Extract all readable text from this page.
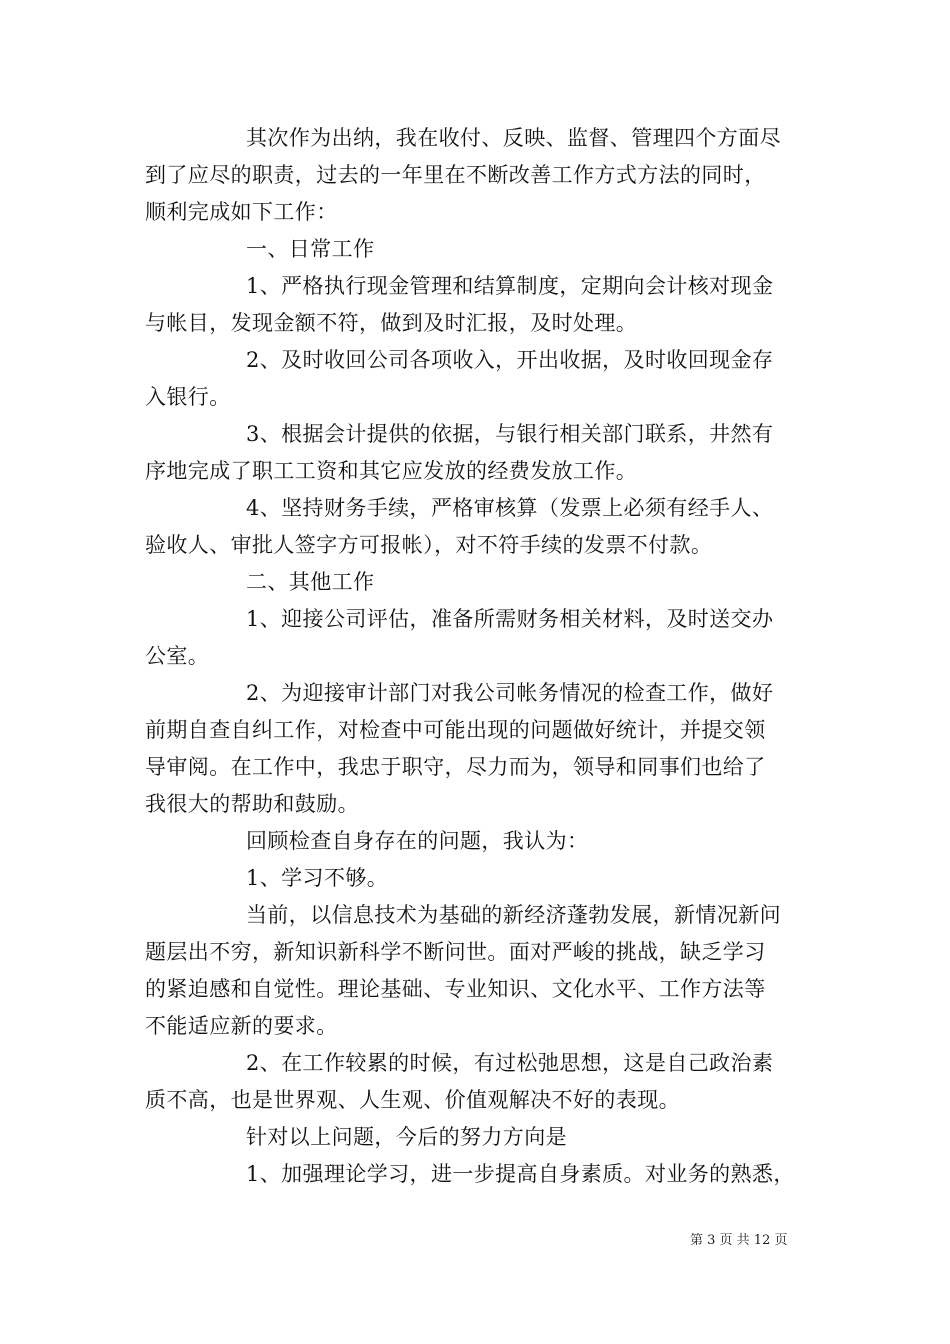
其次作为出纳，我在收付、反映、监督、管理四个方面尽
到了应尽的职责，过去的一年里在不断改善工作方式方法的同时，
顺利完成如下工作：
一、日常工作
1、严格执行现金管理和结算制度，定期向会计核对现金
与帐目，发现金额不符，做到及时汇报，及时处理。
2、及时收回公司各项收入，开出收据，及时收回现金存
入银行。
3、根据会计提供的依据，与银行相关部门联系，井然有
序地完成了职工工资和其它应发放的经费发放工作。
4、坚持财务手续，严格审核算（发票上必须有经手人、
验收人、审批人签字方可报帐），对不符手续的发票不付款。
二、其他工作
1、迎接公司评估，准备所需财务相关材料，及时送交办
公室。
2、为迎接审计部门对我公司帐务情况的检查工作，做好
前期自查自纠工作，对检查中可能出现的问题做好统计，并提交领
导审阅。在工作中，我忠于职守，尽力而为，领导和同事们也给了
我很大的帮助和鼓励。
回顾检查自身存在的问题，我认为：
1、学习不够。
当前，以信息技术为基础的新经济蓬勃发展，新情况新问
题层出不穷，新知识新科学不断问世。面对严峻的挑战，缺乏学习
的紧迫感和自觉性。理论基础、专业知识、文化水平、工作方法等
不能适应新的要求。
2、在工作较累的时候，有过松弛思想，这是自己政治素
质不高，也是世界观、人生观、价值观解决不好的表现。
针对以上问题，今后的努力方向是
1、加强理论学习，进一步提高自身素质。对业务的熟悉，
第 3 页 共 12 页
